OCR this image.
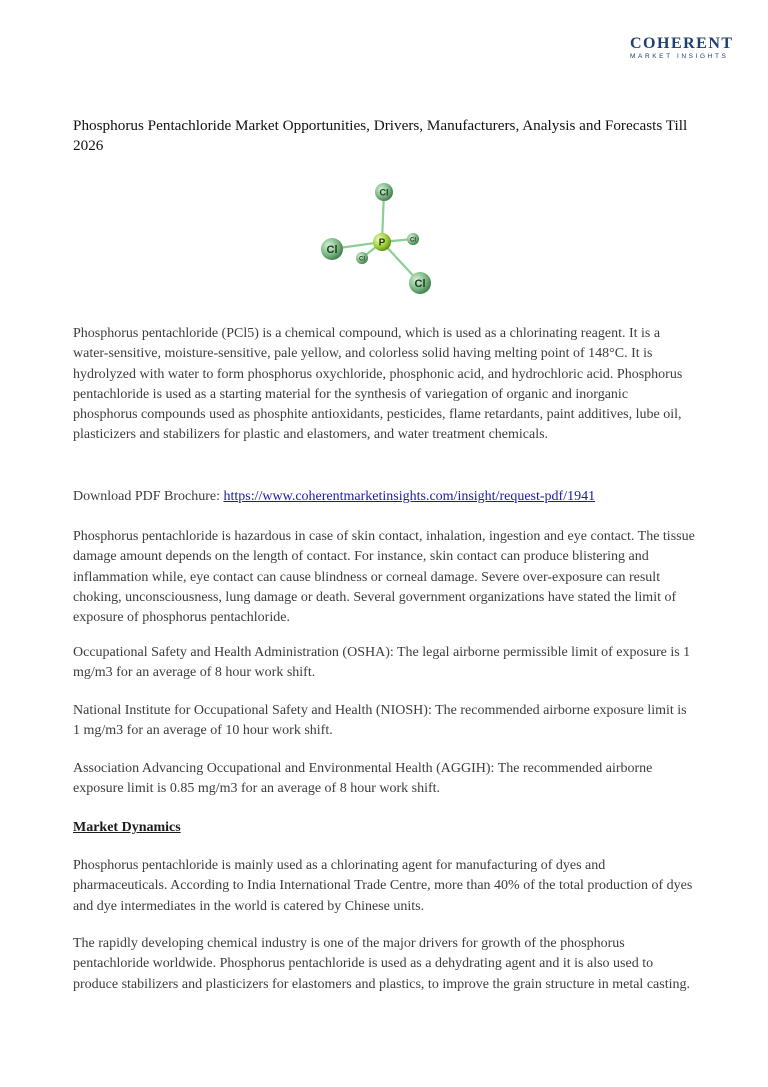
COHERENT
MARKET INSIGHTS
Phosphorus Pentachloride Market Opportunities, Drivers, Manufacturers, Analysis and Forecasts Till 2026
Cl
Cl
Cl
Cl
Cl
P

Phosphorus pentachloride (PCl5) is a chemical compound, which is used as a chlorinating reagent. It is a water-sensitive, moisture-sensitive, pale yellow, and colorless solid having melting point of 148°C. It is hydrolyzed with water to form phosphorus oxychloride, phosphonic acid, and hydrochloric acid. Phosphorus pentachloride is used as a starting material for the synthesis of variegation of organic and inorganic phosphorus compounds used as phosphite antioxidants, pesticides, flame retardants, paint additives, lube oil, plasticizers and stabilizers for plastic and elastomers, and water treatment chemicals.

Download PDF Brochure: https://www.coherentmarketinsights.com/insight/request-pdf/1941

Phosphorus pentachloride is hazardous in case of skin contact, inhalation, ingestion and eye contact. The tissue damage amount depends on the length of contact. For instance, skin contact can produce blistering and inflammation while, eye contact can cause blindness or corneal damage. Severe over-exposure can result choking, unconsciousness, lung damage or death. Several government organizations have stated the limit of exposure of phosphorus pentachloride.

Occupational Safety and Health Administration (OSHA): The legal airborne permissible limit of exposure is 1 mg/m3 for an average of 8 hour work shift.

National Institute for Occupational Safety and Health (NIOSH): The recommended airborne exposure limit is 1 mg/m3 for an average of 10 hour work shift.

Association Advancing Occupational and Environmental Health (AGGIH): The recommended airborne exposure limit is 0.85 mg/m3 for an average of 8 hour work shift.

Market Dynamics

Phosphorus pentachloride is mainly used as a chlorinating agent for manufacturing of dyes and pharmaceuticals. According to India International Trade Centre, more than 40% of the total production of dyes and dye intermediates in the world is catered by Chinese units.

The rapidly developing chemical industry is one of the major drivers for growth of the phosphorus pentachloride worldwide. Phosphorus pentachloride is used as a dehydrating agent and it is also used to produce stabilizers and plasticizers for elastomers and plastics, to improve the grain structure in metal casting.
